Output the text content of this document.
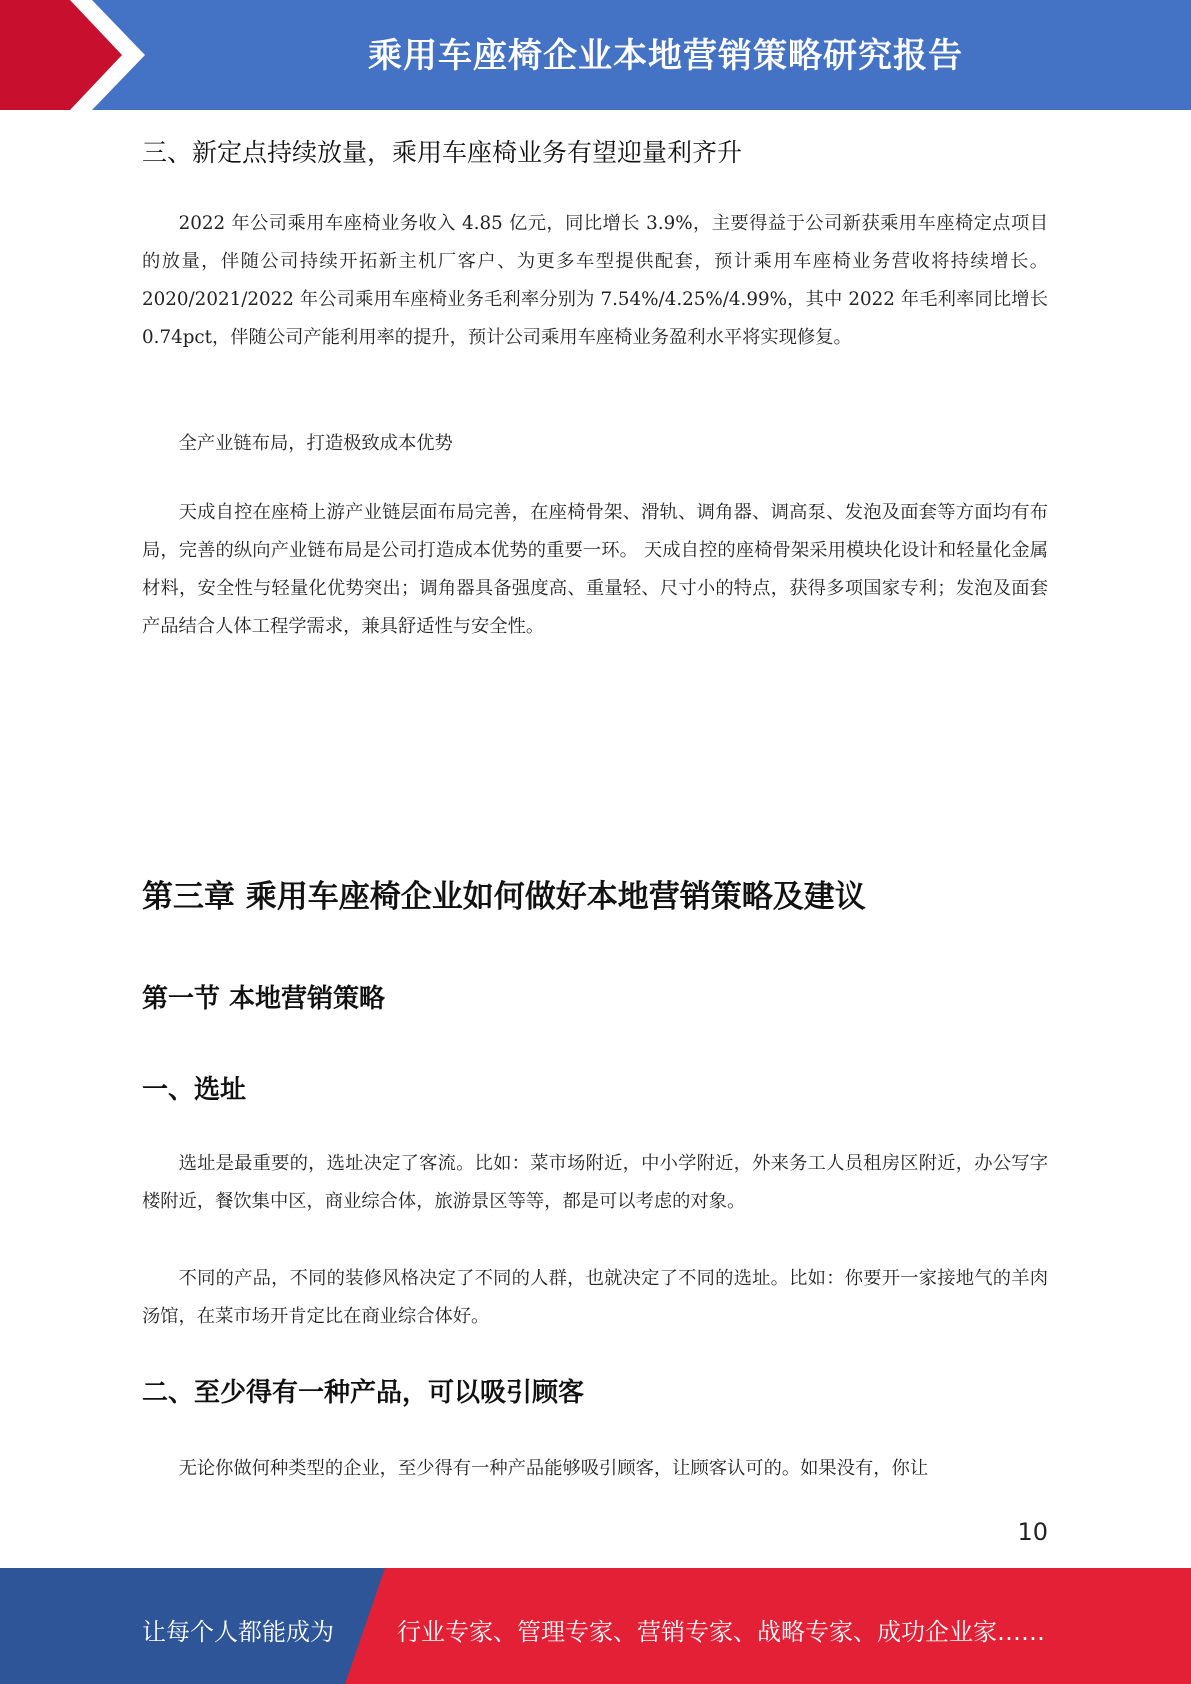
乘用车座椅企业本地营销策略研究报告
三、新定点持续放量，乘用车座椅业务有望迎量利齐升

2022 年公司乘用车座椅业务收入 4.85 亿元，同比增长 3.9%，主要得益于公司新获乘用车座椅定点项目的放量，伴随公司持续开拓新主机厂客户、为更多车型提供配套，预计乘用车座椅业务营收将持续增长。 2020/2021/2022 年公司乘用车座椅业务毛利率分别为 7.54%/4.25%/4.99%，其中 2022 年毛利率同比增长 0.74pct，伴随公司产能利用率的提升，预计公司乘用车座椅业务盈利水平将实现修复。

全产业链布局，打造极致成本优势

天成自控在座椅上游产业链层面布局完善，在座椅骨架、滑轨、调角器、调高泵、发泡及面套等方面均有布局，完善的纵向产业链布局是公司打造成本优势的重要一环。 天成自控的座椅骨架采用模块化设计和轻量化金属材料，安全性与轻量化优势突出；调角器具备强度高、重量轻、尺寸小的特点，获得多项国家专利；发泡及面套产品结合人体工程学需求，兼具舒适性与安全性。

第三章 乘用车座椅企业如何做好本地营销策略及建议
第一节 本地营销策略
一、选址

选址是最重要的，选址决定了客流。比如：菜市场附近，中小学附近，外来务工人员租房区附近，办公写字楼附近，餐饮集中区，商业综合体，旅游景区等等，都是可以考虑的对象。

不同的产品，不同的装修风格决定了不同的人群，也就决定了不同的选址。比如：你要开一家接地气的羊肉汤馆，在菜市场开肯定比在商业综合体好。

二、至少得有一种产品，可以吸引顾客

无论你做何种类型的企业，至少得有一种产品能够吸引顾客，让顾客认可的。如果没有，你让

10
让每个人都能成为	行业专家、管理专家、营销专家、战略专家、成功企业家……
